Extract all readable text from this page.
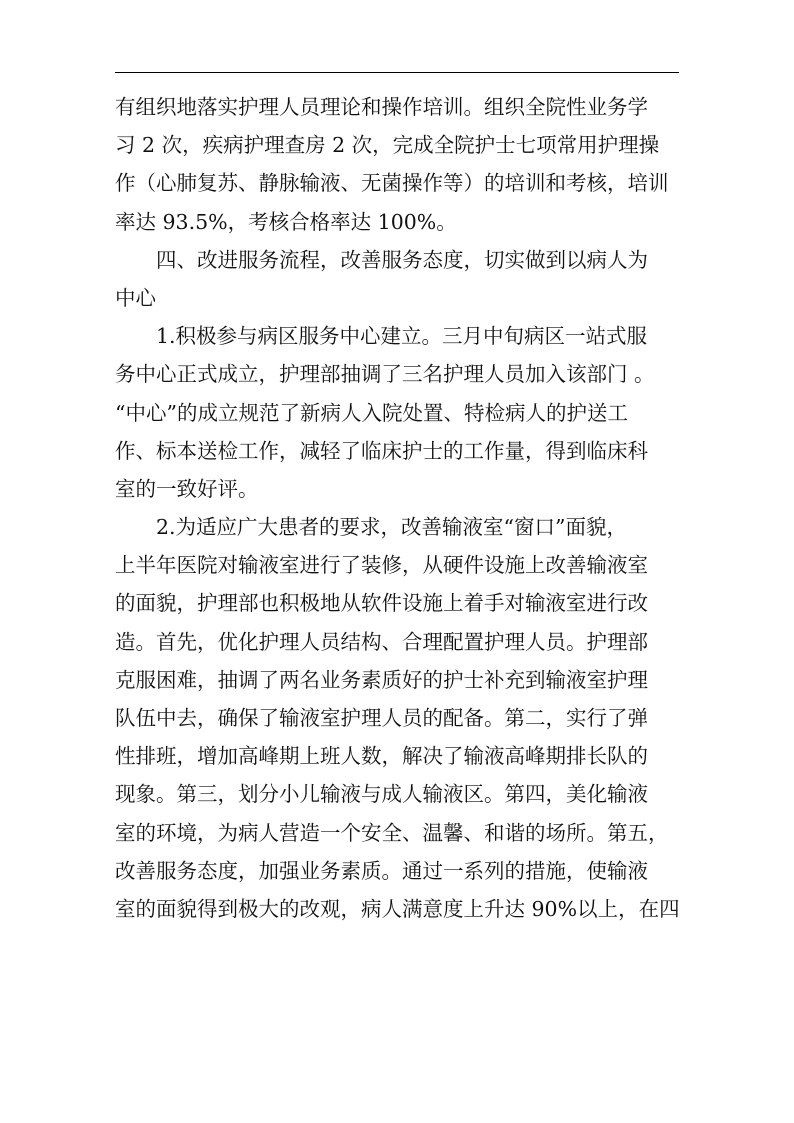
有组织地落实护理人员理论和操作培训。组织全院性业务学
习 2 次，疾病护理查房 2 次，完成全院护士七项常用护理操
作（心肺复苏、静脉输液、无菌操作等）的培训和考核，培训
率达 93.5%，考核合格率达 100%。
四、改进服务流程，改善服务态度，切实做到以病人为
中心
1.积极参与病区服务中心建立。三月中旬病区一站式服
务中心正式成立，护理部抽调了三名护理人员加入该部门 。
“中心”的成立规范了新病人入院处置、特检病人的护送工
作、标本送检工作，减轻了临床护士的工作量，得到临床科
室的一致好评。
2.为适应广大患者的要求，改善输液室“窗口”面貌，
上半年医院对输液室进行了装修，从硬件设施上改善输液室
的面貌，护理部也积极地从软件设施上着手对输液室进行改
造。首先，优化护理人员结构、合理配置护理人员。护理部
克服困难，抽调了两名业务素质好的护士补充到输液室护理
队伍中去，确保了输液室护理人员的配备。第二，实行了弹
性排班，增加高峰期上班人数，解决了输液高峰期排长队的
现象。第三，划分小儿输液与成人输液区。第四，美化输液
室的环境，为病人营造一个安全、温馨、和谐的场所。第五，
改善服务态度，加强业务素质。通过一系列的措施，使输液
室的面貌得到极大的改观，病人满意度上升达 90%以上，在四
